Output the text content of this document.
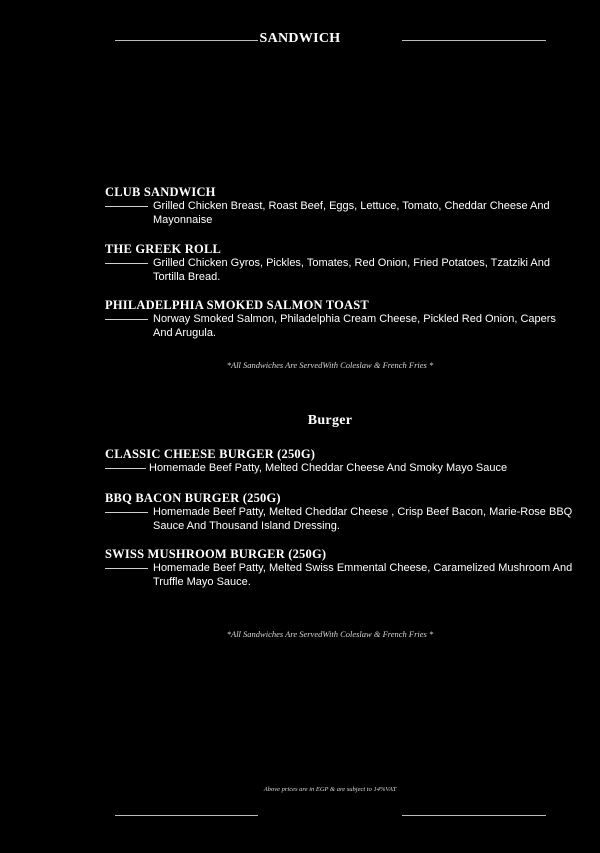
SANDWICH
CLUB SANDWICH
Grilled Chicken Breast, Roast Beef, Eggs, Lettuce, Tomato, Cheddar Cheese And Mayonnaise
THE GREEK ROLL
Grilled Chicken Gyros, Pickles, Tomates, Red Onion, Fried Potatoes, Tzatziki And Tortilla Bread.
PHILADELPHIA SMOKED SALMON TOAST
Norway Smoked Salmon, Philadelphia Cream Cheese, Pickled Red Onion, Capers And Arugula.
*All Sandwiches Are ServedWith Coleslaw & French Fries *
Burger
CLASSIC CHEESE BURGER (250G)
Homemade Beef Patty, Melted Cheddar Cheese And Smoky Mayo Sauce
BBQ BACON BURGER (250G)
Homemade Beef Patty, Melted Cheddar Cheese , Crisp Beef Bacon, Marie-Rose BBQ Sauce And Thousand Island Dressing.
SWISS MUSHROOM BURGER (250G)
Homemade Beef Patty, Melted Swiss Emmental Cheese, Caramelized Mushroom And Truffle Mayo Sauce.
*All Sandwiches Are ServedWith Coleslaw & French Fries *
Above prices are in EGP & are subject to 14%VAT
